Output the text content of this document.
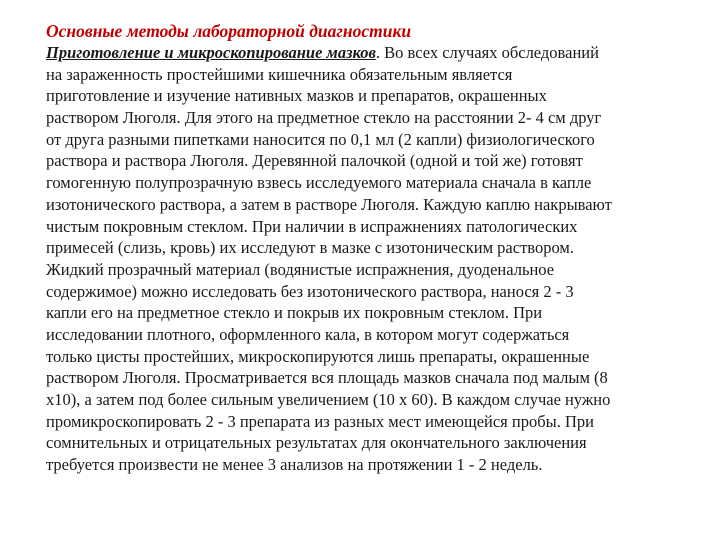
Основные методы лабораторной диагностики
Приготовление и микроскопирование мазков. Во всех случаях обследований
на зараженность простейшими кишечника обязательным является
приготовление и изучение нативных мазков и препаратов, окрашенных
раствором Люголя. Для этого на предметное стекло на расстоянии 2- 4 см друг
от друга разными пипетками наносится по 0,1 мл (2 капли) физиологического
раствора и раствора Люголя. Деревянной палочкой (одной и той же) готовят
гомогенную полупрозрачную взвесь исследуемого материала сначала в капле
изотонического раствора, а затем в растворе Люголя. Каждую каплю накрывают
чистым покровным стеклом. При наличии в испражнениях патологических
примесей (слизь, кровь) их исследуют в мазке с изотоническим раствором.
Жидкий прозрачный материал (водянистые испражнения, дуоденальное
содержимое) можно исследовать без изотонического раствора, нанося 2 - 3
капли его на предметное стекло и покрыв их покровным стеклом. При
исследовании плотного, оформленного кала, в котором могут содержаться
только цисты простейших, микроскопируются лишь препараты, окрашенные
раствором Люголя. Просматривается вся площадь мазков сначала под малым (8
х10), а затем под более сильным увеличением (10 х 60). В каждом случае нужно
промикроскопировать 2 - 3 препарата из разных мест имеющейся пробы. При
сомнительных и отрицательных результатах для окончательного заключения
требуется произвести не менее 3 анализов на протяжении 1 - 2 недель.
